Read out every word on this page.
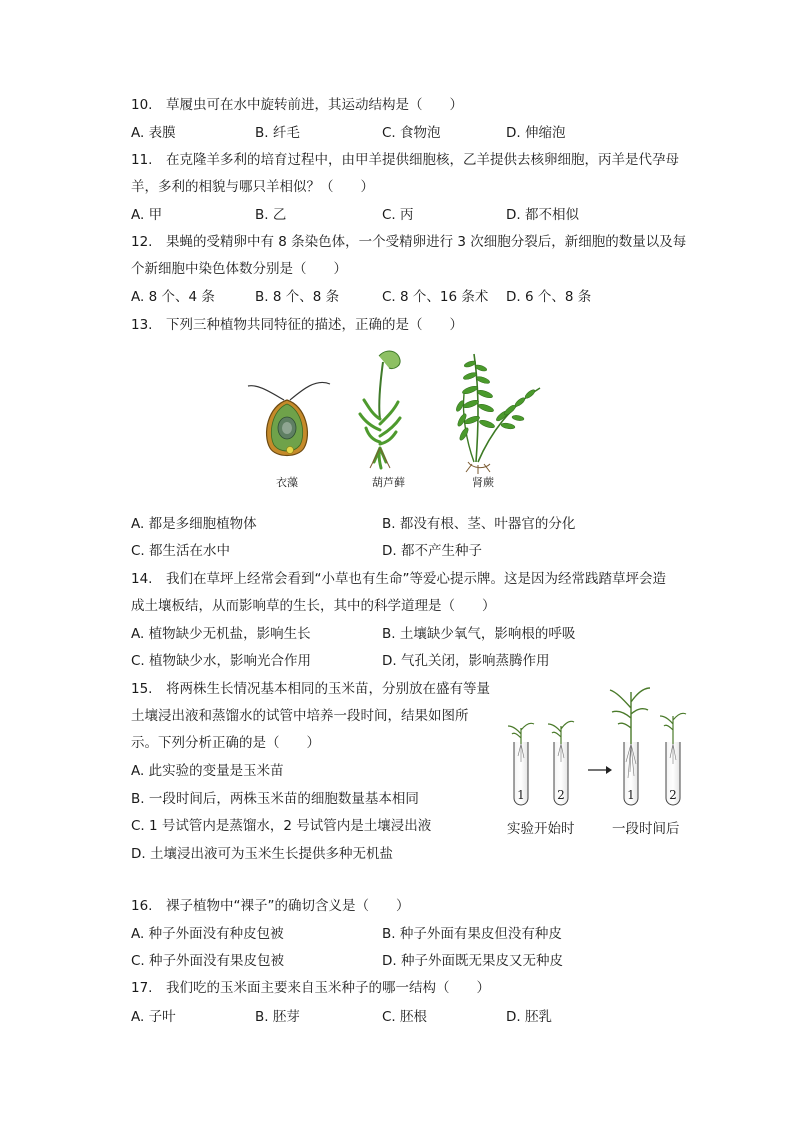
10.　草履虫可在水中旋转前进，其运动结构是（　　）
A. 表膜	B. 纤毛	C. 食物泡	D. 伸缩泡
11.　在克隆羊多利的培育过程中，由甲羊提供细胞核，乙羊提供去核卵细胞，丙羊是代孕母
羊，多利的相貌与哪只羊相似？（　　）
A. 甲	B. 乙	C. 丙	D. 都不相似
12.　果蝇的受精卵中有 8 条染色体，一个受精卵进行 3 次细胞分裂后，新细胞的数量以及每
个新细胞中染色体数分别是（　　）
A. 8 个、4 条	B. 8 个、8 条	C. 8 个、16 条术 D. 6 个、8 条
13.　下列三种植物共同特征的描述，正确的是（　　）
衣藻	葫芦藓	肾蕨
A. 都是多细胞植物体	B. 都没有根、茎、叶器官的分化
C. 都生活在水中	D. 都不产生种子
14.　我们在草坪上经常会看到“小草也有生命”等爱心提示牌。这是因为经常践踏草坪会造
成土壤板结，从而影响草的生长，其中的科学道理是（　　）
A. 植物缺少无机盐，影响生长	B. 土壤缺少氧气，影响根的呼吸
C. 植物缺少水，影响光合作用	D. 气孔关闭，影响蒸腾作用
15.　将两株生长情况基本相同的玉米苗，分别放在盛有等量
土壤浸出液和蒸馏水的试管中培养一段时间，结果如图所
示。下列分析正确的是（　　）
A. 此实验的变量是玉米苗
B. 一段时间后，两株玉米苗的细胞数量基本相同
C. 1 号试管内是蒸馏水，2 号试管内是土壤浸出液
D. 土壤浸出液可为玉米生长提供多种无机盐
1	2	1	2
实验开始时	一段时间后
16.　裸子植物中“裸子”的确切含义是（　　）
A. 种子外面没有种皮包被	B. 种子外面有果皮但没有种皮
C. 种子外面没有果皮包被	D. 种子外面既无果皮又无种皮
17.　我们吃的玉米面主要来自玉米种子的哪一结构（　　）
A. 子叶	B. 胚芽	C. 胚根	D. 胚乳
